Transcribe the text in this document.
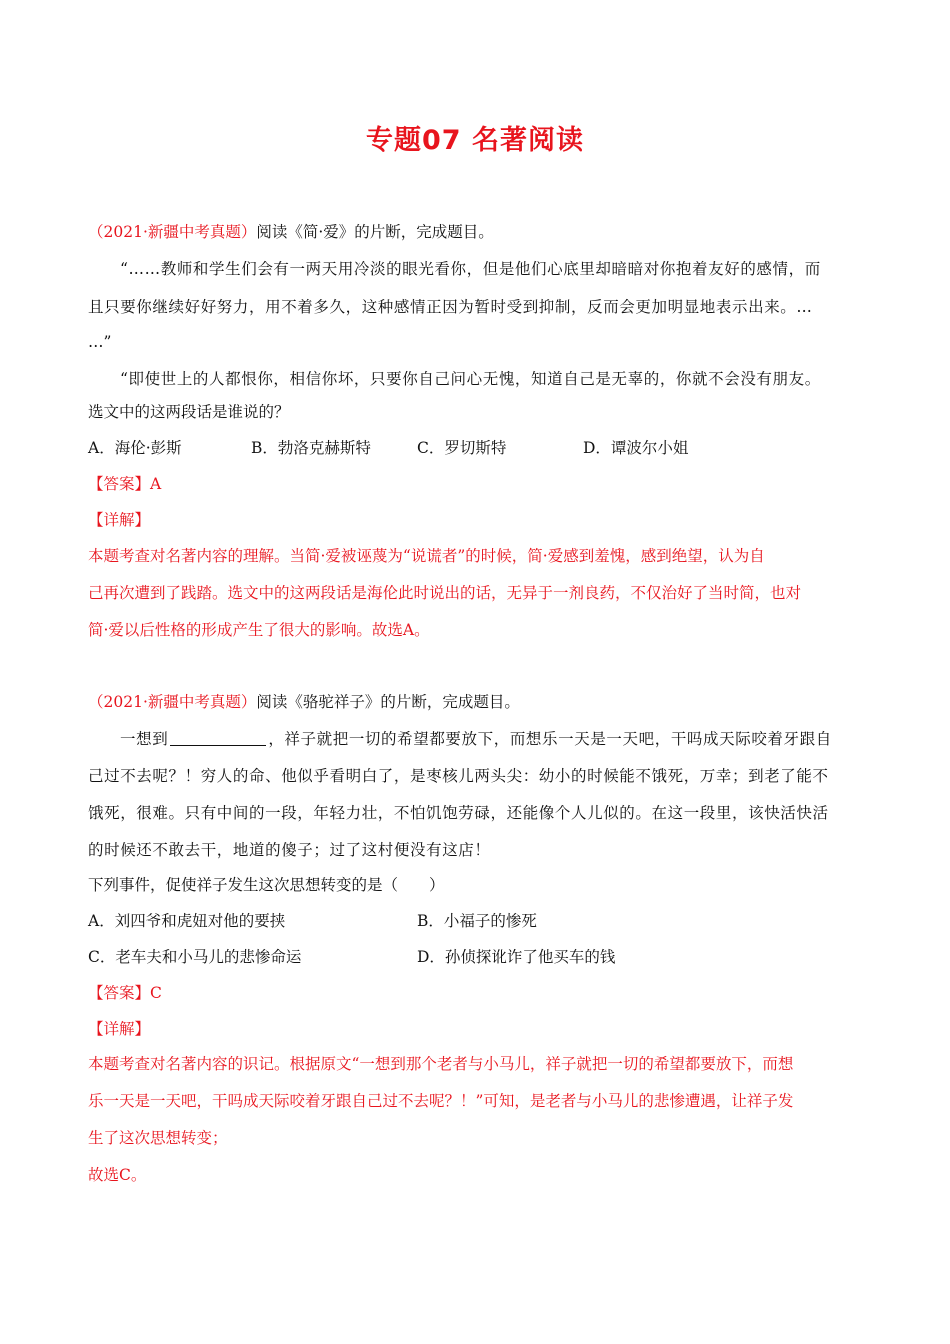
专题07 名著阅读
（2021·新疆中考真题）阅读《简·爱》的片断，完成题目。
“……教师和学生们会有一两天用冷淡的眼光看你，但是他们心底里却暗暗对你抱着友好的感情，而
且只要你继续好好努力，用不着多久，这种感情正因为暂时受到抑制，反而会更加明显地表示出来。…
…”
“即使世上的人都恨你，相信你坏，只要你自己问心无愧，知道自己是无辜的，你就不会没有朋友。
选文中的这两段话是谁说的？
A．海伦·彭斯	B．勃洛克赫斯特	C．罗切斯特	D．谭波尔小姐
【答案】A
【详解】
本题考查对名著内容的理解。当简·爱被诬蔑为“说谎者”的时候，简·爱感到羞愧，感到绝望，认为自
己再次遭到了践踏。选文中的这两段话是海伦此时说出的话，无异于一剂良药，不仅治好了当时简，也对
简·爱以后性格的形成产生了很大的影响。故选A。
（2021·新疆中考真题）阅读《骆驼祥子》的片断，完成题目。
一想到	，祥子就把一切的希望都要放下，而想乐一天是一天吧，干吗成天际咬着牙跟自
己过不去呢？！穷人的命、他似乎看明白了，是枣核儿两头尖：幼小的时候能不饿死，万幸；到老了能不
饿死，很难。只有中间的一段，年轻力壮，不怕饥饱劳碌，还能像个人儿似的。在这一段里，该快活快活
的时候还不敢去干，地道的傻子；过了这村便没有这店！
下列事件，促使祥子发生这次思想转变的是（　　）
A．刘四爷和虎妞对他的要挟	B．小福子的惨死
C．老车夫和小马儿的悲惨命运	D．孙侦探讹诈了他买车的钱
【答案】C
【详解】
本题考查对名著内容的识记。根据原文“一想到那个老者与小马儿，祥子就把一切的希望都要放下，而想
乐一天是一天吧，干吗成天际咬着牙跟自己过不去呢？！”可知，是老者与小马儿的悲惨遭遇，让祥子发
生了这次思想转变；
故选C。
